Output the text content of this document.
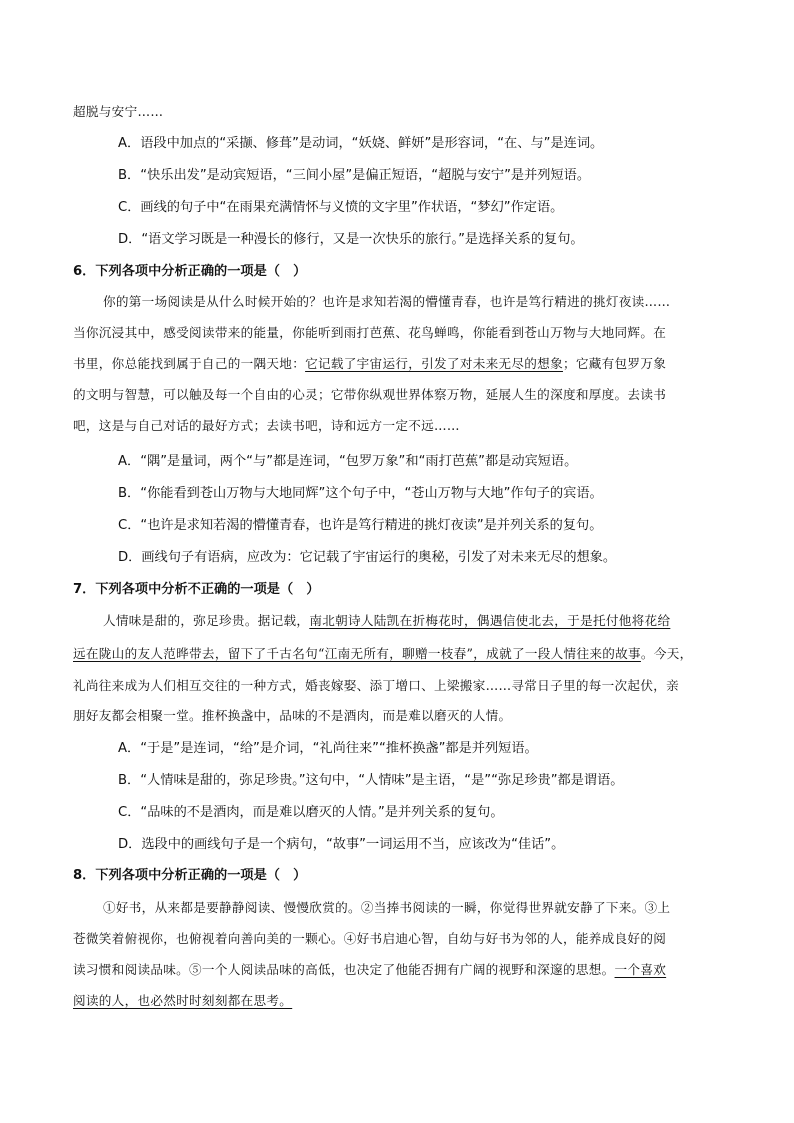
超脱与安宁……
A．语段中加点的“采撷、修葺”是动词，“妖娆、鲜妍”是形容词，“在、与”是连词。
B．“快乐出发”是动宾短语，“三间小屋”是偏正短语，“超脱与安宁”是并列短语。
C．画线的句子中“在雨果充满情怀与义愤的文字里”作状语，“梦幻”作定语。
D．“语文学习既是一种漫长的修行，又是一次快乐的旅行。”是选择关系的复句。
6．下列各项中分析正确的一项是（　）
你的第一场阅读是从什么时候开始的？也许是求知若渴的懵懂青春，也许是笃行精进的挑灯夜读……
当你沉浸其中，感受阅读带来的能量，你能听到雨打芭蕉、花鸟蝉鸣，你能看到苍山万物与大地同辉。在
书里，你总能找到属于自己的一隅天地：它记载了宇宙运行，引发了对未来无尽的想象；它藏有包罗万象
的文明与智慧，可以触及每一个自由的心灵；它带你纵观世界体察万物，延展人生的深度和厚度。去读书
吧，这是与自己对话的最好方式；去读书吧，诗和远方一定不远……
A．“隅”是量词，两个“与”都是连词，“包罗万象”和“雨打芭蕉”都是动宾短语。
B．“你能看到苍山万物与大地同辉”这个句子中，“苍山万物与大地”作句子的宾语。
C．“也许是求知若渴的懵懂青春，也许是笃行精进的挑灯夜读”是并列关系的复句。
D．画线句子有语病，应改为：它记载了宇宙运行的奥秘，引发了对未来无尽的想象。
7．下列各项中分析不正确的一项是（　）
人情味是甜的，弥足珍贵。据记载，南北朝诗人陆凯在折梅花时，偶遇信使北去，于是托付他将花给
远在陇山的友人范晔带去，留下了千古名句“江南无所有，聊赠一枝春”，成就了一段人情往来的故事。今天，
礼尚往来成为人们相互交往的一种方式，婚丧嫁娶、添丁增口、上梁搬家……寻常日子里的每一次起伏，亲
朋好友都会相聚一堂。推杯换盏中，品味的不是酒肉，而是难以磨灭的人情。
A．“于是”是连词，“给”是介词，“礼尚往来”“推杯换盏”都是并列短语。
B．“人情味是甜的，弥足珍贵。”这句中，“人情味”是主语，“是”“弥足珍贵”都是谓语。
C．“品味的不是酒肉，而是难以磨灭的人情。”是并列关系的复句。
D．选段中的画线句子是一个病句，“故事”一词运用不当，应该改为“佳话”。
8．下列各项中分析正确的一项是（　）
①好书，从来都是要静静阅读、慢慢欣赏的。②当捧书阅读的一瞬，你觉得世界就安静了下来。③上
苍微笑着俯视你，也俯视着向善向美的一颗心。④好书启迪心智，自幼与好书为邻的人，能养成良好的阅
读习惯和阅读品味。⑤一个人阅读品味的高低，也决定了他能否拥有广阔的视野和深邃的思想。一个喜欢
阅读的人，也必然时时刻刻都在思考。
